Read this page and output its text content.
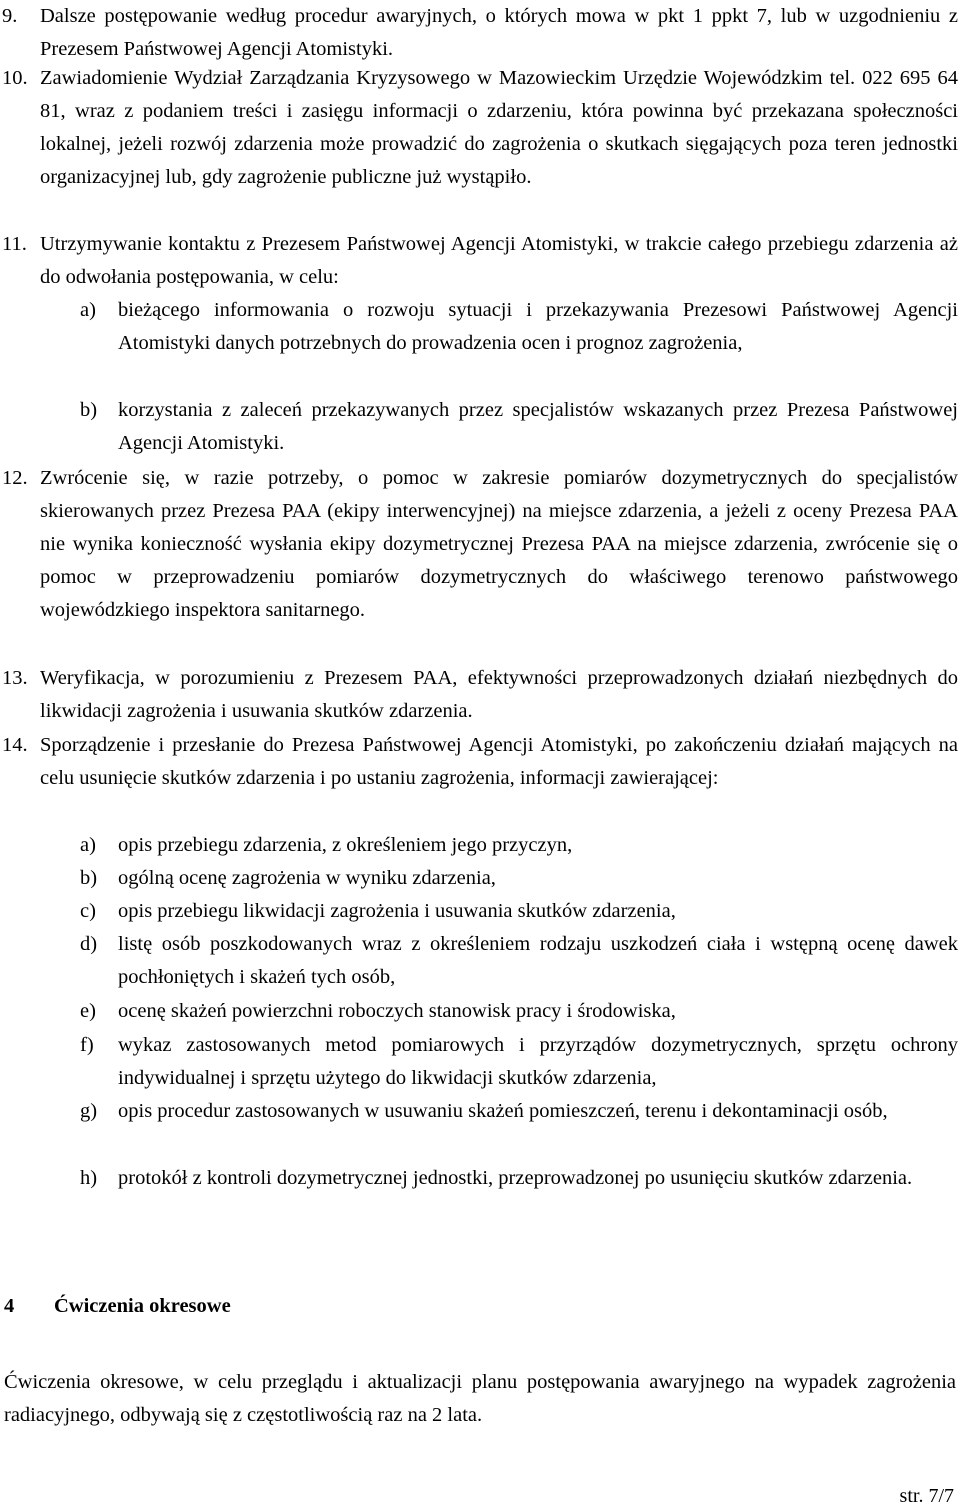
9. Dalsze postępowanie według procedur awaryjnych, o których mowa w pkt 1 ppkt 7, lub w uzgodnieniu z Prezesem Państwowej Agencji Atomistyki.
10. Zawiadomienie Wydział Zarządzania Kryzysowego w Mazowieckim Urzędzie Wojewódzkim tel. 022 695 64 81, wraz z podaniem treści i zasięgu informacji o zdarzeniu, która powinna być przekazana społeczności lokalnej, jeżeli rozwój zdarzenia może prowadzić do zagrożenia o skutkach sięgających poza teren jednostki organizacyjnej lub, gdy zagrożenie publiczne już wystąpiło.
11. Utrzymywanie kontaktu z Prezesem Państwowej Agencji Atomistyki, w trakcie całego przebiegu zdarzenia aż do odwołania postępowania, w celu:
a) bieżącego informowania o rozwoju sytuacji i przekazywania Prezesowi Państwowej Agencji Atomistyki danych potrzebnych do prowadzenia ocen i prognoz zagrożenia,
b) korzystania z zaleceń przekazywanych przez specjalistów wskazanych przez Prezesa Państwowej Agencji Atomistyki.
12. Zwrócenie się, w razie potrzeby, o pomoc w zakresie pomiarów dozymetrycznych do specjalistów skierowanych przez Prezesa PAA (ekipy interwencyjnej) na miejsce zdarzenia, a jeżeli z oceny Prezesa PAA nie wynika konieczność wysłania ekipy dozymetrycznej Prezesa PAA na miejsce zdarzenia, zwrócenie się o pomoc w przeprowadzeniu pomiarów dozymetrycznych do właściwego terenowo państwowego wojewódzkiego inspektora sanitarnego.
13. Weryfikacja, w porozumieniu z Prezesem PAA, efektywności przeprowadzonych działań niezbędnych do likwidacji zagrożenia i usuwania skutków zdarzenia.
14. Sporządzenie i przesłanie do Prezesa Państwowej Agencji Atomistyki, po zakończeniu działań mających na celu usunięcie skutków zdarzenia i po ustaniu zagrożenia, informacji zawierającej:
a) opis przebiegu zdarzenia, z określeniem jego przyczyn,
b) ogólną ocenę zagrożenia w wyniku zdarzenia,
c) opis przebiegu likwidacji zagrożenia i usuwania skutków zdarzenia,
d) listę osób poszkodowanych wraz z określeniem rodzaju uszkodzeń ciała i wstępną ocenę dawek pochłoniętych i skażeń tych osób,
e) ocenę skażeń powierzchni roboczych stanowisk pracy i środowiska,
f) wykaz zastosowanych metod pomiarowych i przyrządów dozymetrycznych, sprzętu ochrony indywidualnej i sprzętu użytego do likwidacji skutków zdarzenia,
g) opis procedur zastosowanych w usuwaniu skażeń pomieszczeń, terenu i dekontaminacji osób,
h) protokół z kontroli dozymetrycznej jednostki, przeprowadzonej po usunięciu skutków zdarzenia.
4 Ćwiczenia okresowe
Ćwiczenia okresowe, w celu przeglądu i aktualizacji planu postępowania awaryjnego na wypadek zagrożenia radiacyjnego, odbywają się z częstotliwością raz na 2 lata.
str. 7/7
